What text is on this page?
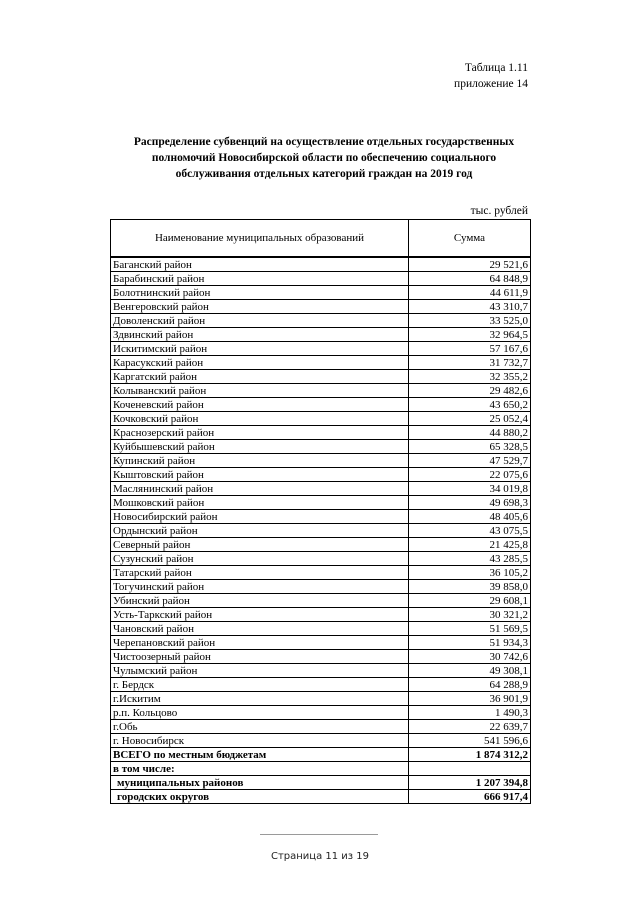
Таблица 1.11
приложение 14
Распределение субвенций на осуществление отдельных государственных
полномочий Новосибирской области по обеспечению социального
обслуживания отдельных категорий граждан на 2019 год
тыс. рублей
Наименование муниципальных образований	Сумма
Баганский район	29 521,6
Барабинский район	64 848,9
Болотнинский район	44 611,9
Венгеровский район	43 310,7
Доволенский район	33 525,0
Здвинский район	32 964,5
Искитимский район	57 167,6
Карасукский район	31 732,7
Каргатский район	32 355,2
Колыванский район	29 482,6
Коченевский район	43 650,2
Кочковский район	25 052,4
Краснозерский район	44 880,2
Куйбышевский район	65 328,5
Купинский район	47 529,7
Кыштовский район	22 075,6
Маслянинский район	34 019,8
Мошковский район	49 698,3
Новосибирский район	48 405,6
Ордынский район	43 075,5
Северный район	21 425,8
Сузунский район	43 285,5
Татарский район	36 105,2
Тогучинский район	39 858,0
Убинский район	29 608,1
Усть-Таркский район	30 321,2
Чановский район	51 569,5
Черепановский район	51 934,3
Чистоозерный район	30 742,6
Чулымский район	49 308,1
г. Бердск	64 288,9
г.Искитим	36 901,9
р.п. Кольцово	1 490,3
г.Обь	22 639,7
г. Новосибирск	541 596,6
ВСЕГО по местным бюджетам	1 874 312,2
в том числе:	
муниципальных районов	1 207 394,8
городских округов	666 917,4
Страница 11 из 19
